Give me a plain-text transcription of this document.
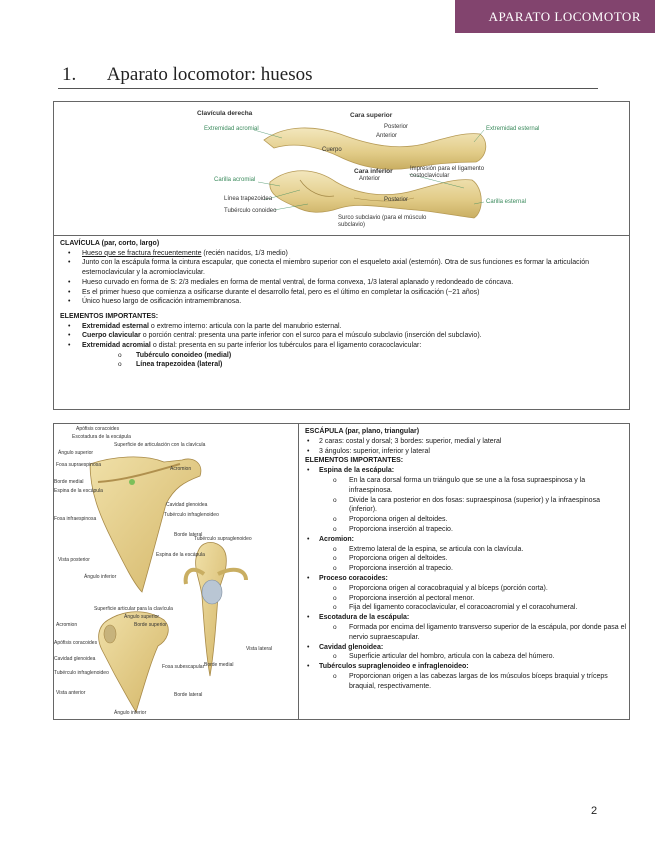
APARATO LOCOMOTOR
1. Aparato locomotor: huesos
Clavícula derecha	Cara superior
Extremidad acromial	Extremidad esternal
Posterior
Anterior
Cuerpo
Cara inferior
Carilla acromial	Anterior
Posterior
Línea trapezoidea
Tubérculo conoideo
Surco subclavio (para el músculo subclavio)
Impresión para el ligamento costoclavicular
Carilla esternal

CLAVÍCULA (par, corto, largo)

• Hueso que se fractura frecuentemente (recién nacidos, 1/3 medio)
• Junto con la escápula forma la cintura escapular, que conecta el miembro superior con el esqueleto axial (esternón). Otra de sus funciones es formar la articulación esternoclavicular y la acromioclavicular.
• Hueso curvado en forma de S: 2/3 mediales en forma de mental ventral, de forma convexa, 1/3 lateral aplanado y redondeado de cóncava.
• Es el primer hueso que comienza a osificarse durante el desarrollo fetal, pero es el último en completar la osificación (~21 años)
• Único hueso largo de osificación intramembranosa.

ELEMENTOS IMPORTANTES:

• Extremidad esternal o extremo interno: articula con la parte del manubrio esternal.
• Cuerpo clavicular o porción central: presenta una parte inferior con el surco para el músculo subclavio (inserción del subclavio).
• Extremidad acromial o distal: presenta en su parte inferior los tubérculos para el ligamento coracoclavicular:
o Tubérculo conoideo (medial)
o Línea trapezoidea (lateral)
Apófisis coracoides
Escotadura de la escápula
Superficie de articulación con la clavícula
Ángulo superior
Fosa supraespinosa
Borde medial
Espina de la escápula
Fosa infraespinosa
Acromion
Cavidad glenoidea
Tubérculo infraglenoideo
Vista posterior
Ángulo inferior
Borde lateral
Tubérculo supraglenoideo
Espina de la escápula
Vista lateral
Superficie articular para la clavícula
Ángulo superior
Borde superior
Acromion
Apófisis coracoides
Cavidad glenoidea
Tubérculo infraglenoideo
Fosa subescapular Borde medial
Vista anterior
Ángulo inferior
Borde lateral

ESCÁPULA (par, plano, triangular)

• 2 caras: costal y dorsal; 3 bordes: superior, medial y lateral
• 3 ángulos: superior, inferior y lateral

ELEMENTOS IMPORTANTES:

• Espina de la escápula:
o En la cara dorsal forma un triángulo que se une a la fosa supraespinosa y la infraespinosa.
o Divide la cara posterior en dos fosas: supraespinosa (superior) y la infraespinosa (inferior).
o Proporciona origen al deltoides.
o Proporciona inserción al trapecio.
• Acromion:
o Extremo lateral de la espina, se articula con la clavícula.
o Proporciona origen al deltoides.
o Proporciona inserción al trapecio.
• Proceso coracoides:
o Proporciona origen al coracobraquial y al bíceps (porción corta).
o Proporciona inserción al pectoral menor.
o Fija del ligamento coracoclavicular, el coracoacromial y el coracohumeral.
• Escotadura de la escápula:
o Formada por encima del ligamento transverso superior de la escápula, por donde pasa el nervio supraescapular.
• Cavidad glenoidea:
o Superficie articular del hombro, articula con la cabeza del húmero.
• Tubérculos supraglenoideo e infraglenoideo:
o Proporcionan origen a las cabezas largas de los músculos bíceps braquial y tríceps braquial, respectivamente.
2
